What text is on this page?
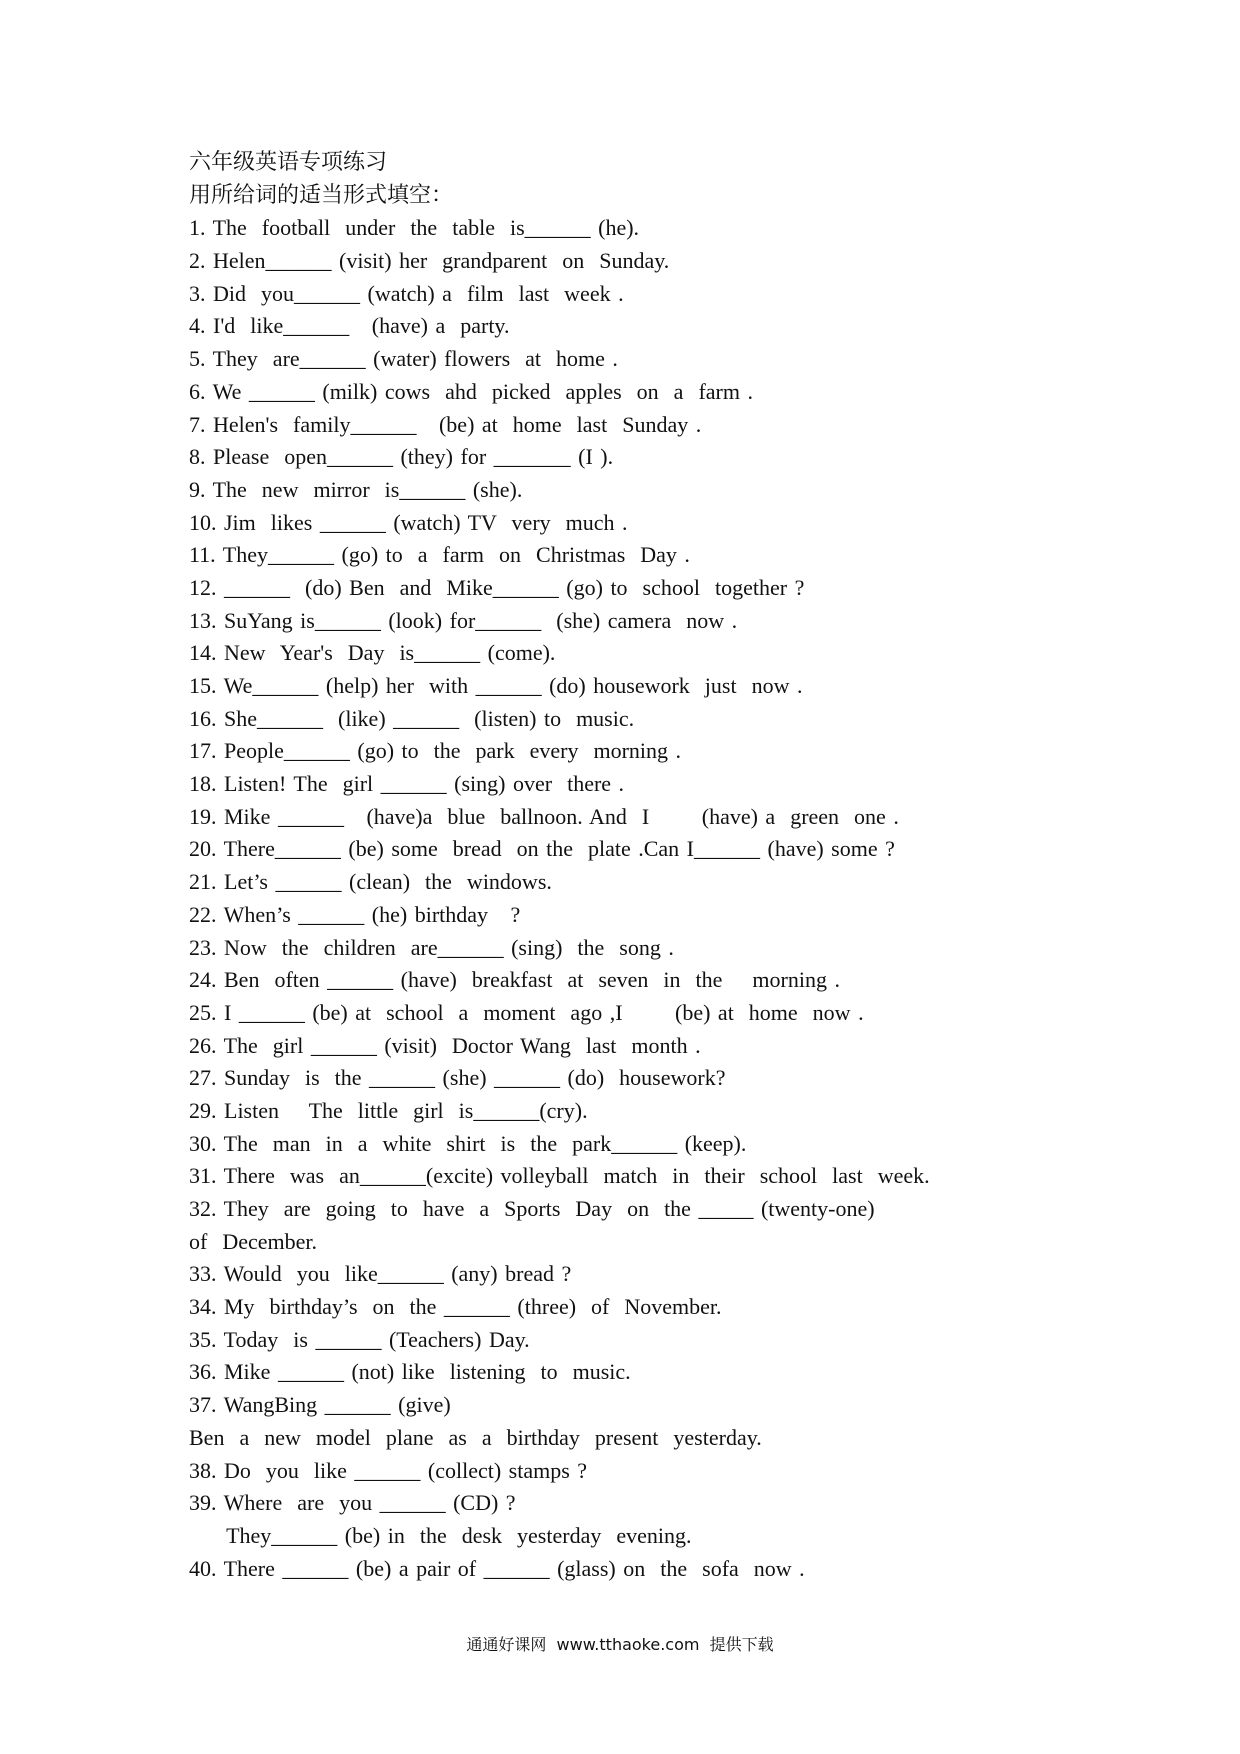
六年级英语专项练习
用所给词的适当形式填空：
1. The  football  under  the  table  is______ (he).
2. Helen______ (visit) her  grandparent  on  Sunday.
3. Did  you______ (watch) a  film  last  week .
4. I'd  like______   (have) a  party.
5. They  are______ (water) flowers  at  home .
6. We ______ (milk) cows  ahd  picked  apples  on  a  farm .
7. Helen's  family______   (be) at  home  last  Sunday .
8. Please  open______ (they) for _______ (I ).
9. The  new  mirror  is______ (she).
10. Jim  likes ______ (watch) TV  very  much .
11. They______ (go) to  a  farm  on  Christmas  Day .
12. ______  (do) Ben  and  Mike______ (go) to  school  together ?
13. SuYang is______ (look) for______  (she) camera  now .
14. New  Year's  Day  is______ (come).
15. We______ (help) her  with ______ (do) housework  just  now .
16. She______  (like) ______  (listen) to  music.
17. People______ (go) to  the  park  every  morning .
18. Listen! The  girl ______ (sing) over  there .
19. Mike ______   (have)a  blue  ballnoon. And  I       (have) a  green  one .
20. There______ (be) some  bread  on the  plate .Can I______ (have) some ?
21. Let’s ______ (clean)  the  windows.
22. When’s ______ (he) birthday   ?
23. Now  the  children  are______ (sing)  the  song .
24. Ben  often ______ (have)  breakfast  at  seven  in  the    morning .
25. I ______ (be) at  school  a  moment  ago ,I       (be) at  home  now .
26. The  girl ______ (visit)  Doctor Wang  last  month .
27. Sunday  is  the ______ (she) ______ (do)  housework?
29. Listen    The  little  girl  is______(cry).
30. The  man  in  a  white  shirt  is  the  park______ (keep).
31. There  was  an______(excite) volleyball  match  in  their  school  last  week.
32. They  are  going  to  have  a  Sports  Day  on  the _____ (twenty-one)
of  December.
33. Would  you  like______ (any) bread ?
34. My  birthday’s  on  the ______ (three)  of  November.
35. Today  is ______ (Teachers) Day.
36. Mike ______ (not) like  listening  to  music.
37. WangBing ______ (give)
Ben  a  new  model  plane  as  a  birthday  present  yesterday.
38. Do  you  like ______ (collect) stamps ?
39. Where  are  you ______ (CD) ?
They______ (be) in  the  desk  yesterday  evening.
40. There ______ (be) a pair of ______ (glass) on  the  sofa  now .
通通好课网  www.tthaoke.com  提供下载
